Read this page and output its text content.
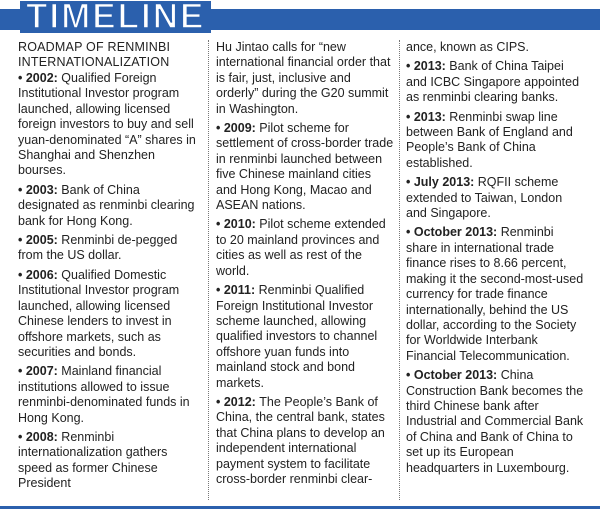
TIMELINE
ROADMAP OF RENMINBI INTERNATIONALIZATION
• 2002: Qualified Foreign Institutional Investor program launched, allowing licensed foreign investors to buy and sell yuan-denominated “A” shares in Shanghai and Shenzhen bourses.
• 2003: Bank of China designated as renminbi clearing bank for Hong Kong.
• 2005: Renminbi de-pegged from the US dollar.
• 2006: Qualified Domestic Institutional Investor program launched, allowing licensed Chinese lenders to invest in offshore markets, such as securities and bonds.
• 2007: Mainland financial institutions allowed to issue renminbi-denominated funds in Hong Kong.
• 2008: Renminbi internationalization gathers speed as former Chinese President
Hu Jintao calls for “new international financial order that is fair, just, inclusive and orderly” during the G20 summit in Washington.
• 2009: Pilot scheme for settlement of cross-border trade in renminbi launched between five Chinese mainland cities and Hong Kong, Macao and ASEAN nations.
• 2010: Pilot scheme extended to 20 mainland provinces and cities as well as rest of the world.
• 2011: Renminbi Qualified Foreign Institutional Investor scheme launched, allowing qualified investors to channel offshore yuan funds into mainland stock and bond markets.
• 2012: The People’s Bank of China, the central bank, states that China plans to develop an independent international payment system to facilitate cross-border renminbi clear-
ance, known as CIPS.
• 2013: Bank of China Taipei and ICBC Singapore appointed as renminbi clearing banks.
• 2013: Renminbi swap line between Bank of England and People’s Bank of China established.
• July 2013: RQFII scheme extended to Taiwan, London and Singapore.
• October 2013: Renminbi share in international trade finance rises to 8.66 percent, making it the second-most-used currency for trade finance internationally, behind the US dollar, according to the Society for Worldwide Interbank Financial Telecommunication.
• October 2013: China Construction Bank becomes the third Chinese bank after Industrial and Commercial Bank of China and Bank of China to set up its European headquarters in Luxembourg.
